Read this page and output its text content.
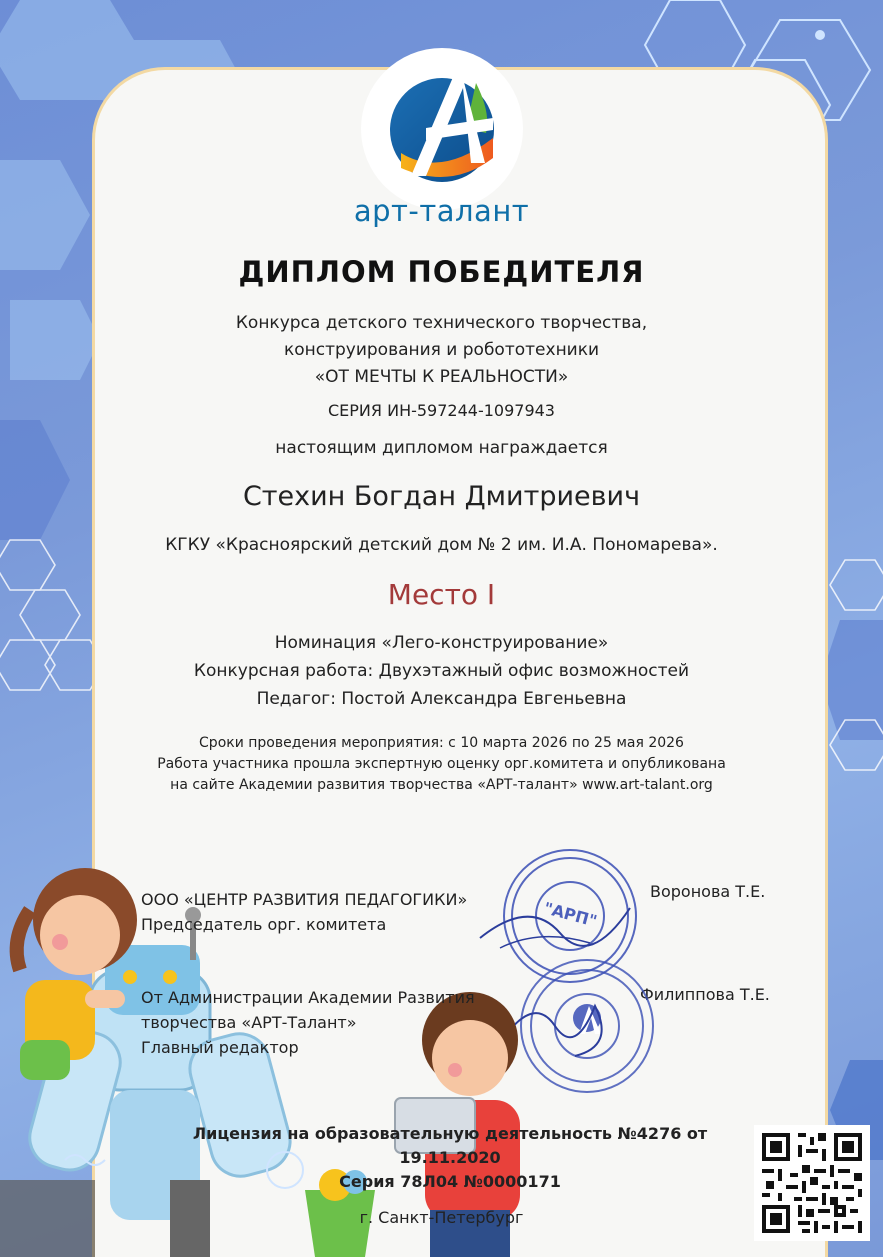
арт-талант
ДИПЛОМ ПОБЕДИТЕЛЯ
Конкурса детского технического творчества,
конструирования и робототехники
«ОТ МЕЧТЫ К РЕАЛЬНОСТИ»
СЕРИЯ ИН-597244-1097943
настоящим дипломом награждается
Стехин Богдан Дмитриевич
КГКУ «Красноярский детский дом № 2 им. И.А. Пономарева».
Место I
Номинация «Лего-конструирование»
Конкурсная работа: Двухэтажный офис возможностей
Педагог: Постой Александра Евгеньевна
Сроки проведения мероприятия: с 10 марта 2026 по 25 мая 2026
Работа участника прошла экспертную оценку орг.комитета и опубликована
на сайте Академии развития творчества «АРТ-талант» www.art-talant.org
ООО «ЦЕНТР РАЗВИТИЯ ПЕДАГОГИКИ»
Председатель орг. комитета
Воронова Т.Е.
От Администрации Академии Развития
творчества «АРТ-Талант»
Главный редактор
Филиппова Т.Е.
"АРП"
Лицензия на образовательную деятельность №4276 от 19.11.2020
Серия 78Л04 №0000171
г. Санкт-Петербург
